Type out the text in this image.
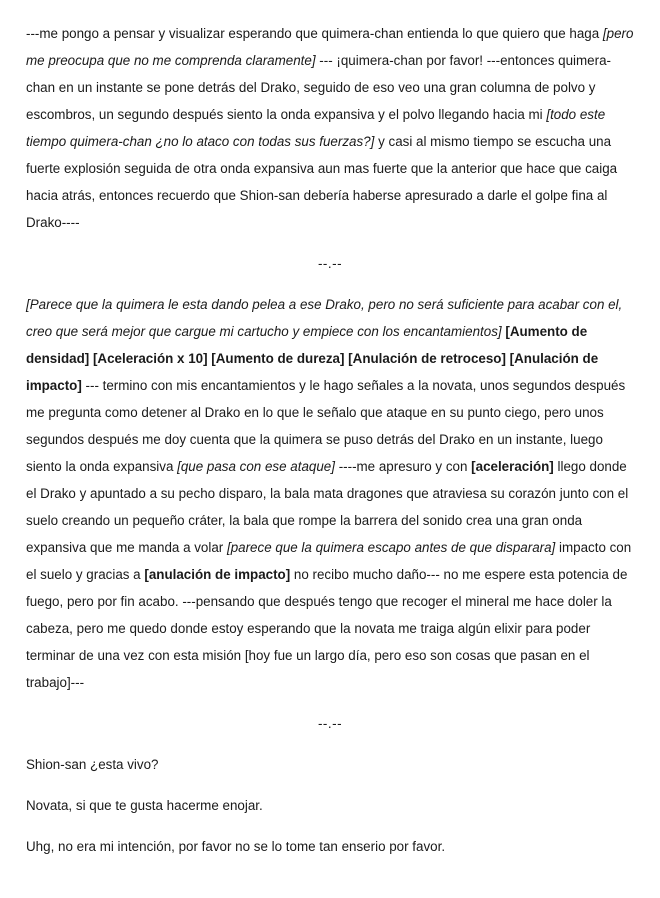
---me pongo a pensar y visualizar esperando que quimera-chan entienda lo que quiero que haga [pero me preocupa que no me comprenda claramente] --- ¡quimera-chan por favor! ---entonces quimera-chan en un instante se pone detrás del Drako, seguido de eso veo una gran columna de polvo y escombros, un segundo después siento la onda expansiva y el polvo llegando hacia mi [todo este tiempo quimera-chan ¿no lo ataco con todas sus fuerzas?] y casi al mismo tiempo se escucha una fuerte explosión seguida de otra onda expansiva aun mas fuerte que la anterior que hace que caiga hacia atrás, entonces recuerdo que Shion-san debería haberse apresurado a darle el golpe fina al Drako----

--.--

[Parece que la quimera le esta dando pelea a ese Drako, pero no será suficiente para acabar con el, creo que será mejor que cargue mi cartucho y empiece con los encantamientos] [Aumento de densidad] [Aceleración x 10] [Aumento de dureza] [Anulación de retroceso] [Anulación de impacto] --- termino con mis encantamientos y le hago señales a la novata, unos segundos después me pregunta como detener al Drako en lo que le señalo que ataque en su punto ciego, pero unos segundos después me doy cuenta que la quimera se puso detrás del Drako en un instante, luego siento la onda expansiva [que pasa con ese ataque] ----me apresuro y con [aceleración] llego donde el Drako y apuntado a su pecho disparo, la bala mata dragones que atraviesa su corazón junto con el suelo creando un pequeño cráter, la bala que rompe la barrera del sonido crea una gran onda expansiva que me manda a volar [parece que la quimera escapo antes de que disparara] impacto con el suelo y gracias a [anulación de impacto] no recibo mucho daño--- no me espere esta potencia de fuego, pero por fin acabo. ---pensando que después tengo que recoger el mineral me hace doler la cabeza, pero me quedo donde estoy esperando que la novata me traiga algún elixir para poder terminar de una vez con esta misión [hoy fue un largo día, pero eso son cosas que pasan en el trabajo]---

--.--

Shion-san ¿esta vivo?

Novata, si que te gusta hacerme enojar.

Uhg, no era mi intención, por favor no se lo tome tan enserio por favor.
